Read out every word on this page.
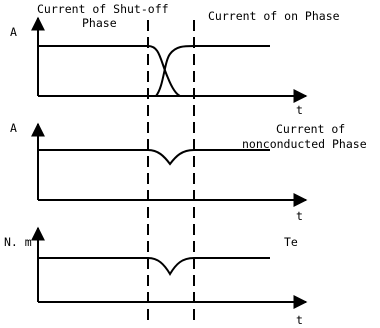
A
t
Current of Shut-off
Phase	Current of on Phase
A
t
Current of
nonconducted Phase
N. m
t
Te
